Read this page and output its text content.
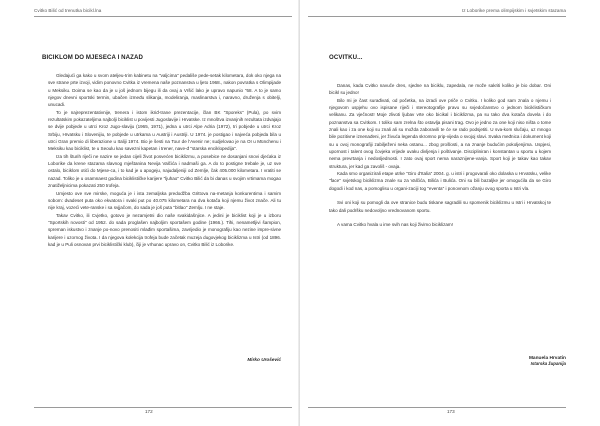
Cvitko Bilić od trenutka bicikl.lna
BICIKLOM DO MJESECA I NAZAD

Gledajući ga kako u svom ateljeu-trim kabinetu na "valjcima" pedališe pede-setak kilometara, dok oko njega na sve strane prte izvoji, vidim ponovno Cvitka iz vremena naše poznanstva u ljeto 1968., nakon povratka s Olimpijade u Meksiku. Doima se kao da je u još jednom bijegu ili da ovaj a Vršić lako je upravo napunio "68. A to je samo njegov dnevni sportski termin, ubačen između slikanja, modeliranja, maslinarstva i, naravno, druženja s obitelji, unucadi.

To je najreprezentativnije, trenera i istom ikriđ-trane prezentacije, član BK "Sporeks" (Pula), po svim rezultatskim pokazateljima najbolji biciklist u povijesti Jugoslavije i Hrvatske. Iz mnoštva izvanjnih rezultata izdvajajo se dvije pobjede u utrci Kroz Jugo-slaviju (1965, 1971), jedna u utrci Alpe Adria (1972), tri pobjede u utrci Kroz Srbiju, Hrvatsku i Slovenijiu, te pobjede u utrkama u Austriji i Austriji. U 1974. je postigao i najveća pobjeda bila u utrci Gran premio di liberazione u Italiji 1974. Bio je šesti na Tour de l'Avenir ne; sudjelovao je na OI u Münchenu i Meksiku kao biciklist, te u Seoulu kao savezni kapetan i trener, nave-đ "starska enciklopedija".

Iza tih šturih riječi ne nazire se jedan cijeli život posvećen biciklizmu, a posebice ne dosanjani snovi djećaka iz Loborike da krene stazama slavnog mještanina Nevija Valčića i nadmaši ga. A do to postigne trebale je, uz sve ostalo, biciklom otići do Mjese-ca, i to kad je u apogeju, najudaljeniji od Zemlje, čak 405.000 kilometara. I vratiti se nazad. Toliko je u osamnaest godina biciklističke karijere "ljuhao" Cvitko Bilić da bi danas u svojim vrtimama mogao znatiželjnicima pokazati 250 trofeja.

Umjesto ove sve mirske, moguća je i ista zemaljska predodžba Grittova na-metanja konkurentima i samim sobom: dvadeset puta oko ekvatora i svaki put po 40.075 kilometara na dva kotača koji njemu život znače. Ali tu nije kraj, vozeći vete-ranske i sa svjjačom, do sada je još puta "bitlao" Zemlju. I ne staje.

Takav Cvitko, ili Cvjetko, gotovo je nezamjetni dio naše svakidašnjice. A jedini je biciklist koji je u izboru "Sportskih novosti" od 1952. do sada proglašen najboljim sportašem godine (1966.). Tihi, nenametljivi šampion, spreman iskustvo i znanje po-novo prenositi mlađim sportašima, zavrijedio je monografiju kao nezine impre-sivne karijere i uzornog života. I da njegova kolekcija trofeja bude začetak muzeja dugovjekog biciklizma u Istri (od 1896. kad je u Puli osnovan prvi biciklistički klub), čiji je vrhunac upravo on, Cvitko Bilić iz Loborike.

Mirko Urošević
172
Iz Loborike prema olimpijskim i svjetskim stazama
OCVITKU...

Danas, kada Cvitko navuče dres, sjedne na biciklu, zapedala, ne može sakriti koliko je bio dobar. Oni bicikl su jedno!

Bilo mi je čast surađivati, od početka, na izradi ove priče o Cvitku. I koliko god sam znala o njemu i njegovom uspjehu ovo ispisane riječi i stereotografije pravu su svjedočanstvo o jednom biciklističkom velikanu. Za vječnost! Moje zlivoti ljubav vrte oko bicikal i biciklizma, pa su tako dva kotača dovela i do poznanstva sa Cvitkom. I toliko sam zrelna što ostavlja pisani trag. Ovo je jedno za one koji niso ništa o tome znali kao i za one koji su znali ali su možda zaboravili te će se rado podsjetiti. U sva-kom slučaju, uz mnogo bile pozitivne iznenađeni, jer živuća legenda skromno prip-vijeda o svojoj slavi. Svaka međnica i dokument koji su u ovoj monografiji zabilježeni neka ostanu... zbog prošlosti, a na znanje budućim pokoljenjima. Uspjesi, upornost i talent ovog čovjeka vrijede uvaku divljenja i poštivanje. Discipliniran i konstantan u sportu u kojem nema prevrtanja i nedosljednosti. I zato ovaj sport nema naraznijene-vanja. Sport koji je takav kao takav struktura, jer kad ga zavoliš - ovaja.

Kada smo organizirali etape utrke "Giro d'Italia" 2004. g. u istri i progovarali oko dolaska u Hrvatsku, velike "face" svjetskog biciklizma znale su za Valčića, Bilića i Bulića. Oni su bili bazaljke jer omogućila da se Giro dogodi i kod nas, a pomoglisu u organi-zaciji tog "eventa" i ponovnom ožanju ovog sporta u Istri vla.

Svi oni koji su pomogli da ove stranice budu tiskane sagradili su spomenik biciklizmu u Istri i Hrvatskoj te tako dali podršku nedovoljno vrednovanom sportu.

A vama Cvitko hvala u ime svih nas koji živimo biciklizam!

Manuela Hrvatin
Istarska županija
173
